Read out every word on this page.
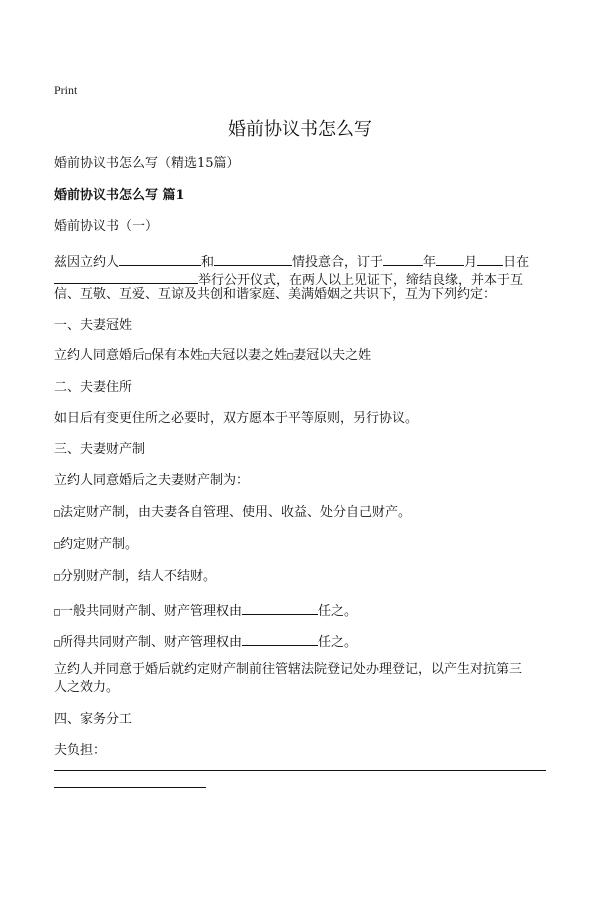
Print
婚前协议书怎么写

婚前协议书怎么写（精选15篇）

婚前协议书怎么写 篇1

婚前协议书（一）

兹因立约人	和	情投意合，订于	年 月 日在

举行公开仪式，在两人以上见证下，缔结良缘，并本于互

信、互敬、互爱、互谅及共创和谐家庭、美满婚姻之共识下，互为下列约定：

一、夫妻冠姓

立约人同意婚后□保有本姓□夫冠以妻之姓□妻冠以夫之姓

二、夫妻住所

如日后有变更住所之必要时，双方愿本于平等原则，另行协议。

三、夫妻财产制

立约人同意婚后之夫妻财产制为：

□法定财产制，由夫妻各自管理、使用、收益、处分自己财产。

□约定财产制。

□分别财产制，结人不结财。

□一般共同财产制、财产管理权由	任之。

□所得共同财产制、财产管理权由	任之。

立约人并同意于婚后就约定财产制前往管辖法院登记处办理登记，以产生对抗第三

人之效力。

四、家务分工

夫负担：
